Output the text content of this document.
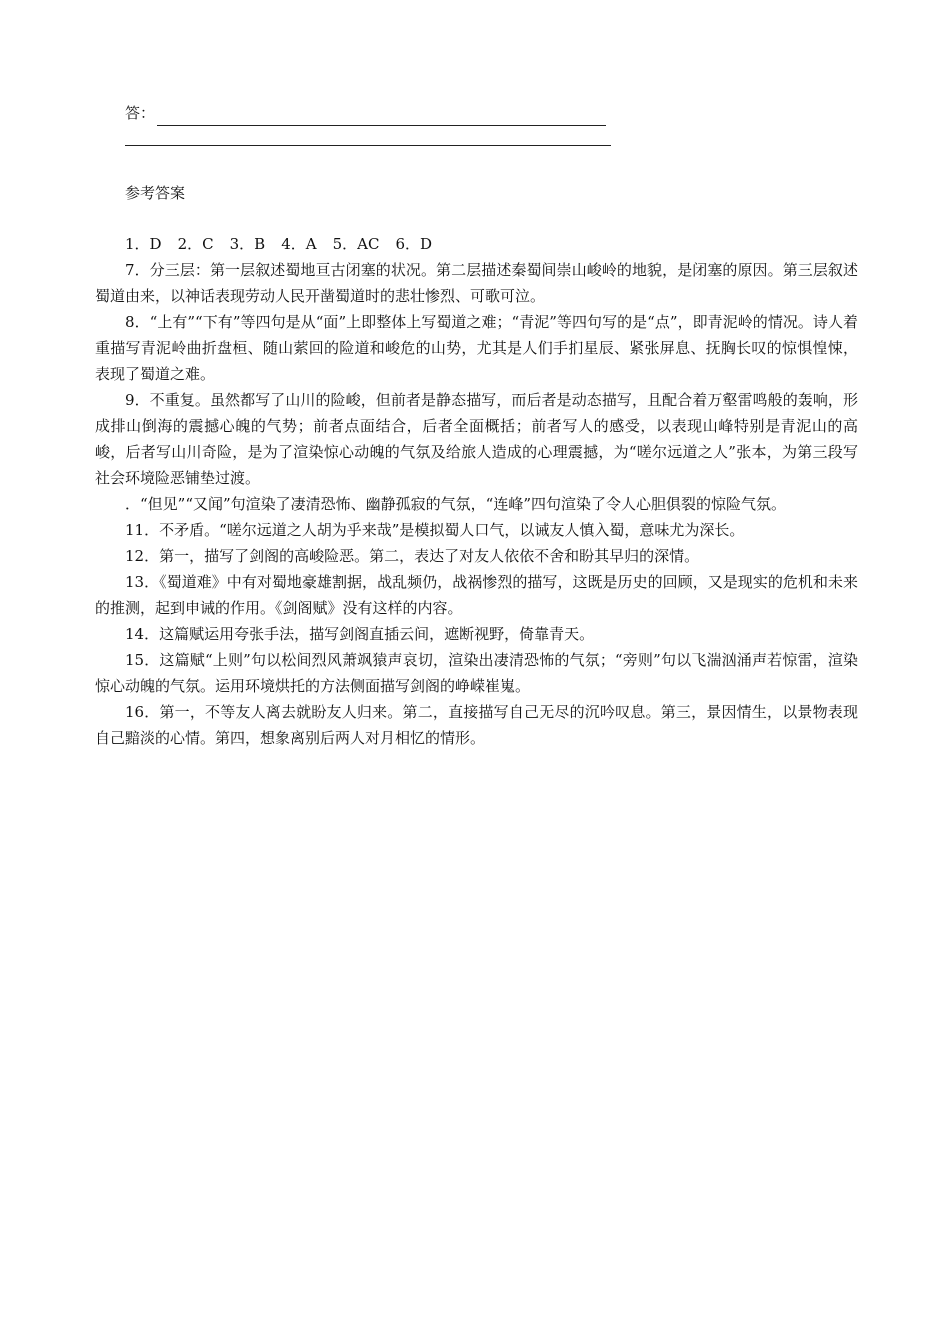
答：
参考答案

1．D 2．C 3．B 4．A 5．AC 6．D

7．分三层：第一层叙述蜀地亘古闭塞的状况。第二层描述秦蜀间崇山峻岭的地貌，是闭塞的原因。第三层叙述蜀道由来，以神话表现劳动人民开凿蜀道时的悲壮惨烈、可歌可泣。

8．“上有”“下有”等四句是从“面”上即整体上写蜀道之难；“青泥”等四句写的是“点”，即青泥岭的情况。诗人着重描写青泥岭曲折盘桓、随山萦回的险道和峻危的山势，尤其是人们手扪星辰、紧张屏息、抚胸长叹的惊惧惶悚，表现了蜀道之难。

9．不重复。虽然都写了山川的险峻，但前者是静态描写，而后者是动态描写，且配合着万壑雷鸣般的轰响，形成排山倒海的震撼心魄的气势；前者点面结合，后者全面概括；前者写人的感受，以表现山峰特别是青泥山的高峻，后者写山川奇险，是为了渲染惊心动魄的气氛及给旅人造成的心理震撼，为“嗟尔远道之人”张本，为第三段写社会环境险恶铺垫过渡。

．“但见”“又闻”句渲染了凄清恐怖、幽静孤寂的气氛，“连峰”四句渲染了令人心胆俱裂的惊险气氛。

11．不矛盾。“嗟尔远道之人胡为乎来哉”是模拟蜀人口气，以诫友人慎入蜀，意味尤为深长。

12．第一，描写了剑阁的高峻险恶。第二，表达了对友人依依不舍和盼其早归的深情。

13．《蜀道难》中有对蜀地豪雄割据，战乱频仍，战祸惨烈的描写，这既是历史的回顾，又是现实的危机和未来的推测，起到申诫的作用。《剑阁赋》没有这样的内容。

14．这篇赋运用夸张手法，描写剑阁直插云间，遮断视野，倚靠青天。

15．这篇赋“上则”句以松间烈风萧飒猿声哀切，渲染出凄清恐怖的气氛；“旁则”句以飞湍汹涌声若惊雷，渲染惊心动魄的气氛。运用环境烘托的方法侧面描写剑阁的峥嵘崔嵬。

16．第一，不等友人离去就盼友人归来。第二，直接描写自己无尽的沉吟叹息。第三，景因情生，以景物表现自己黯淡的心情。第四，想象离别后两人对月相忆的情形。
